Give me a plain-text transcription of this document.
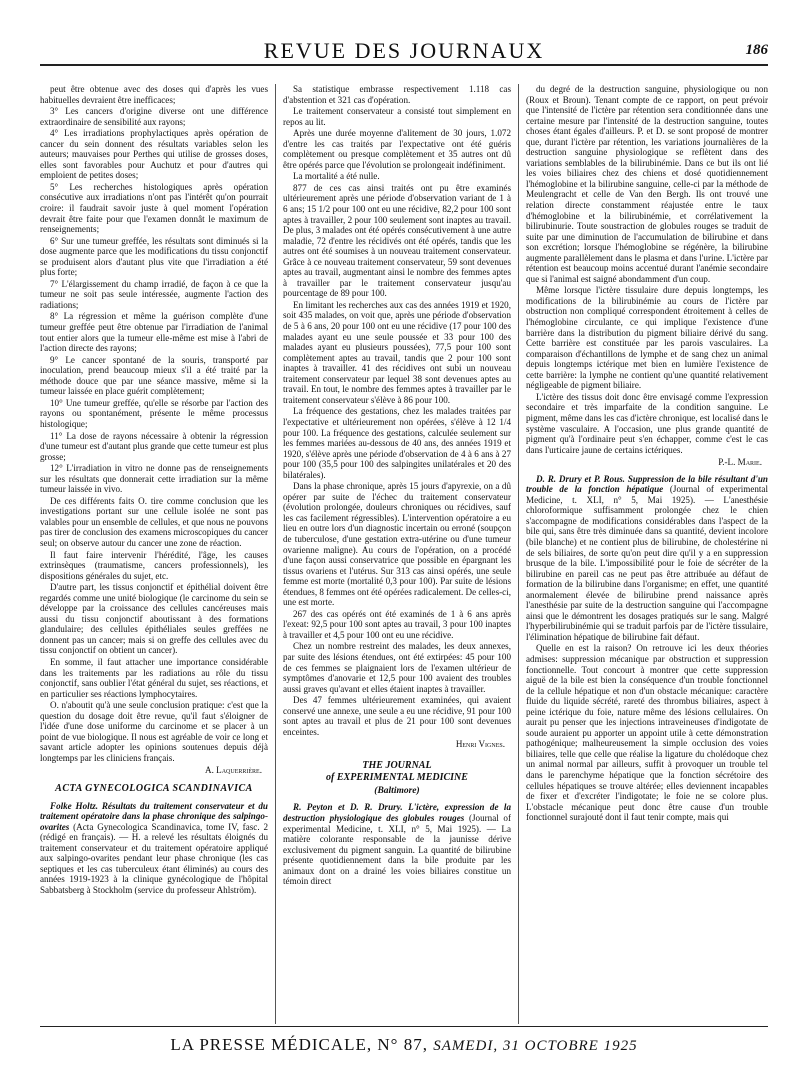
REVUE DES JOURNAUX	186

peut être obtenue avec des doses qui d'après les vues habituelles devraient être inefficaces;

3° Les cancers d'origine diverse ont une différence extraordinaire de sensibilité aux rayons;

4° Les irradiations prophylactiques après opération de cancer du sein donnent des résultats variables selon les auteurs; mauvaises pour Perthes qui utilise de grosses doses, elles sont favorables pour Auchutz et pour d'autres qui emploient de petites doses;

5° Les recherches histologiques après opération consécutive aux irradiations n'ont pas l'intérêt qu'on pourrait croire: il faudrait savoir juste à quel moment l'opération devrait être faite pour que l'examen donnât le maximum de renseignements;

6° Sur une tumeur greffée, les résultats sont diminués si la dose augmente parce que les modifications du tissu conjonctif se produisent alors d'autant plus vite que l'irradiation a été plus forte;

7° L'élargissement du champ irradié, de façon à ce que la tumeur ne soit pas seule intéressée, augmente l'action des radiations;

8° La régression et même la guérison complète d'une tumeur greffée peut être obtenue par l'irradiation de l'animal tout entier alors que la tumeur elle-même est mise à l'abri de l'action directe des rayons;

9° Le cancer spontané de la souris, transporté par inoculation, prend beaucoup mieux s'il a été traité par la méthode douce que par une séance massive, même si la tumeur laissée en place guérit complètement;

10° Une tumeur greffée, qu'elle se résorbe par l'action des rayons ou spontanément, présente le même processus histologique;

11° La dose de rayons nécessaire à obtenir la régression d'une tumeur est d'autant plus grande que cette tumeur est plus grosse;

12° L'irradiation in vitro ne donne pas de renseignements sur les résultats que donnerait cette irradiation sur la même tumeur laissée in vivo.

De ces différents faits O. tire comme conclusion que les investigations portant sur une cellule isolée ne sont pas valables pour un ensemble de cellules, et que nous ne pouvons pas tirer de conclusion des examens microscopiques du cancer seul; on observe autour du cancer une zone de réaction.

Il faut faire intervenir l'hérédité, l'âge, les causes extrinsèques (traumatisme, cancers professionnels), les dispositions générales du sujet, etc.

D'autre part, les tissus conjonctif et épithélial doivent être regardés comme une unité biologique (le carcinome du sein se développe par la croissance des cellules cancéreuses mais aussi du tissu conjonctif aboutissant à des formations glandulaire; des cellules épithéliales seules greffées ne donnent pas un cancer; mais si on greffe des cellules avec du tissu conjonctif on obtient un cancer).

En somme, il faut attacher une importance considérable dans les traitements par les radiations au rôle du tissu conjonctif, sans oublier l'état général du sujet, ses réactions, et en particulier ses réactions lymphocytaires.

O. n'aboutit qu'à une seule conclusion pratique: c'est que la question du dosage doit être revue, qu'il faut s'éloigner de l'idée d'une dose uniforme du carcinome et se placer à un point de vue biologique. Il nous est agréable de voir ce long et savant article adopter les opinions soutenues depuis déjà longtemps par les cliniciens français.

A. Laquerrière.
ACTA GYNECOLOGICA SCANDINAVICA

Folke Holtz. Résultats du traitement conservateur et du traitement opératoire dans la phase chronique des salpingo-ovarites (Acta Gynecologica Scandinavica, tome IV, fasc. 2 (rédigé en français). — H. a relevé les résultats éloignés du traitement conservateur et du traitement opératoire appliqué aux salpingo-ovarites pendant leur phase chronique (les cas septiques et les cas tuberculeux étant éliminés) au cours des années 1919-1923 à la clinique gynécologique de l'hôpital Sabbatsberg à Stockholm (service du professeur Ahlström).

Sa statistique embrasse respectivement 1.118 cas d'abstention et 321 cas d'opération.

Le traitement conservateur a consisté tout simplement en repos au lit.

Après une durée moyenne d'alitement de 30 jours, 1.072 d'entre les cas traités par l'expectative ont été guéris complètement ou presque complètement et 35 autres ont dû être opérés parce que l'évolution se prolongeait indéfiniment.

La mortalité a été nulle.

877 de ces cas ainsi traités ont pu être examinés ultérieurement après une période d'observation variant de 1 à 6 ans; 15 1/2 pour 100 ont eu une récidive, 82,2 pour 100 sont aptes à travailler, 2 pour 100 seulement sont inaptes au travail. De plus, 3 malades ont été opérés consécutivement à une autre maladie, 72 d'entre les récidivés ont été opérés, tandis que les autres ont été soumises à un nouveau traitement conservateur. Grâce à ce nouveau traitement conservateur, 59 sont devenues aptes au travail, augmentant ainsi le nombre des femmes aptes à travailler par le traitement conservateur jusqu'au pourcentage de 89 pour 100.

En limitant les recherches aux cas des années 1919 et 1920, soit 435 malades, on voit que, après une période d'observation de 5 à 6 ans, 20 pour 100 ont eu une récidive (17 pour 100 des malades ayant eu une seule poussée et 33 pour 100 des malades ayant eu plusieurs poussées), 77,5 pour 100 sont complètement aptes au travail, tandis que 2 pour 100 sont inaptes à travailler. 41 des récidives ont subi un nouveau traitement conservateur par lequel 38 sont devenues aptes au travail. En tout, le nombre des femmes aptes à travailler par le traitement conservateur s'élève à 86 pour 100.

La fréquence des gestations, chez les malades traitées par l'expectative et ultérieurement non opérées, s'élève à 12 1/4 pour 100. La fréquence des gestations, calculée seulement sur les femmes mariées au-dessous de 40 ans, des années 1919 et 1920, s'élève après une période d'observation de 4 à 6 ans à 27 pour 100 (35,5 pour 100 des salpingites unilatérales et 20 des bilatérales).

Dans la phase chronique, après 15 jours d'apyrexie, on a dû opérer par suite de l'échec du traitement conservateur (évolution prolongée, douleurs chroniques ou récidives, sauf les cas facilement régressibles). L'intervention opératoire a eu lieu en outre lors d'un diagnostic incertain ou erroné (soupçon de tuberculose, d'une gestation extra-utérine ou d'une tumeur ovarienne maligne). Au cours de l'opération, on a procédé d'une façon aussi conservatrice que possible en épargnant les tissus ovariens et l'utérus. Sur 313 cas ainsi opérés, une seule femme est morte (mortalité 0,3 pour 100). Par suite de lésions étendues, 8 femmes ont été opérées radicalement. De celles-ci, une est morte.

267 des cas opérés ont été examinés de 1 à 6 ans après l'exeat: 92,5 pour 100 sont aptes au travail, 3 pour 100 inaptes à travailler et 4,5 pour 100 ont eu une récidive.

Chez un nombre restreint des malades, les deux annexes, par suite des lésions étendues, ont été extirpées: 45 pour 100 de ces femmes se plaignaient lors de l'examen ultérieur de symptômes d'anovarie et 12,5 pour 100 avaient des troubles aussi graves qu'avant et elles étaient inaptes à travailler.

Des 47 femmes ultérieurement examinées, qui avaient conservé une annexe, une seule a eu une récidive, 91 pour 100 sont aptes au travail et plus de 21 pour 100 sont devenues enceintes.

Henri Vignes.
THE JOURNAL
of EXPERIMENTAL MEDICINE
(Baltimore)

R. Peyton et D. R. Drury. L'ictère, expression de la destruction physiologique des globules rouges (Journal of experimental Medicine, t. XLI, n° 5, Mai 1925). — La matière colorante responsable de la jaunisse dérive exclusivement du pigment sanguin. La quantité de bilirubine présente quotidiennement dans la bile produite par les animaux dont on a drainé les voies biliaires constitue un témoin direct

du degré de la destruction sanguine, physiologique ou non (Roux et Broun). Tenant compte de ce rapport, on peut prévoir que l'intensité de l'ictère par rétention sera conditionnée dans une certaine mesure par l'intensité de la destruction sanguine, toutes choses étant égales d'ailleurs. P. et D. se sont proposé de montrer que, durant l'ictère par rétention, les variations journalières de la destruction sanguine physiologique se reflètent dans des variations semblables de la bilirubinémie. Dans ce but ils ont lié les voies biliaires chez des chiens et dosé quotidiennement l'hémoglobine et la bilirubine sanguine, celle-ci par la méthode de Meulengracht et celle de Van den Bergh. Ils ont trouvé une relation directe constamment réajustée entre le taux d'hémoglobine et la bilirubinémie, et corrélativement la bilirubinurie. Toute soustraction de globules rouges se traduit de suite par une diminution de l'accumulation de bilirubine et dans son excrétion; lorsque l'hémoglobine se régénère, la bilirubine augmente parallèlement dans le plasma et dans l'urine. L'ictère par rétention est beaucoup moins accentué durant l'anémie secondaire que si l'animal est saigné abondamment d'un coup.

Même lorsque l'ictère tissulaire dure depuis longtemps, les modifications de la bilirubinémie au cours de l'ictère par obstruction non compliqué correspondent étroitement à celles de l'hémoglobine circulante, ce qui implique l'existence d'une barrière dans la distribution du pigment biliaire dérivé du sang. Cette barrière est constituée par les parois vasculaires. La comparaison d'échantillons de lymphe et de sang chez un animal depuis longtemps ictérique met bien en lumière l'existence de cette barrière: la lymphe ne contient qu'une quantité relativement négligeable de pigment biliaire.

L'ictère des tissus doit donc être envisagé comme l'expression secondaire et très imparfaite de la condition sanguine. Le pigment, même dans les cas d'ictère chronique, est localisé dans le système vasculaire. A l'occasion, une plus grande quantité de pigment qu'à l'ordinaire peut s'en échapper, comme c'est le cas dans l'urticaire jaune de certains ictériques.

P.-L. Marie.

D. R. Drury et P. Rous. Suppression de la bile résultant d'un trouble de la fonction hépatique (Journal of experimental Medicine, t. XLI, n° 5, Mai 1925). — L'anesthésie chloroformique suffisamment prolongée chez le chien s'accompagne de modifications considérables dans l'aspect de la bile qui, sans être très diminuée dans sa quantité, devient incolore (bile blanche) et ne contient plus de bilirubine, de cholestérine ni de sels biliaires, de sorte qu'on peut dire qu'il y a en suppression brusque de la bile. L'impossibilité pour le foie de sécréter de la bilirubine en pareil cas ne peut pas être attribuée au défaut de formation de la bilirubine dans l'organisme; en effet, une quantité anormalement élevée de bilirubine prend naissance après l'anesthésie par suite de la destruction sanguine qui l'accompagne ainsi que le démontrent les dosages pratiqués sur le sang. Malgré l'hyperbilirubinémie qui se traduit parfois par de l'ictère tissulaire, l'élimination hépatique de bilirubine fait défaut.

Quelle en est la raison? On retrouve ici les deux théories admises: suppression mécanique par obstruction et suppression fonctionnelle. Tout concourt à montrer que cette suppression aiguë de la bile est bien la conséquence d'un trouble fonctionnel de la cellule hépatique et non d'un obstacle mécanique: caractère fluide du liquide sécrété, rareté des thrombus biliaires, aspect à peine ictérique du foie, nature même des lésions cellulaires. On aurait pu penser que les injections intraveineuses d'indigotate de soude auraient pu apporter un appoint utile à cette démonstration pathogénique; malheureusement la simple occlusion des voies biliaires, telle que celle que réalise la ligature du cholédoque chez un animal normal par ailleurs, suffit à provoquer un trouble tel dans le parenchyme hépatique que la fonction sécrétoire des cellules hépatiques se trouve altérée; elles deviennent incapables de fixer et d'excréter l'indigotate; le foie ne se colore plus. L'obstacle mécanique peut donc être cause d'un trouble fonctionnel surajouté dont il faut tenir compte, mais qui

LA PRESSE MÉDICALE, N° 87, SAMEDI, 31 OCTOBRE 1925
